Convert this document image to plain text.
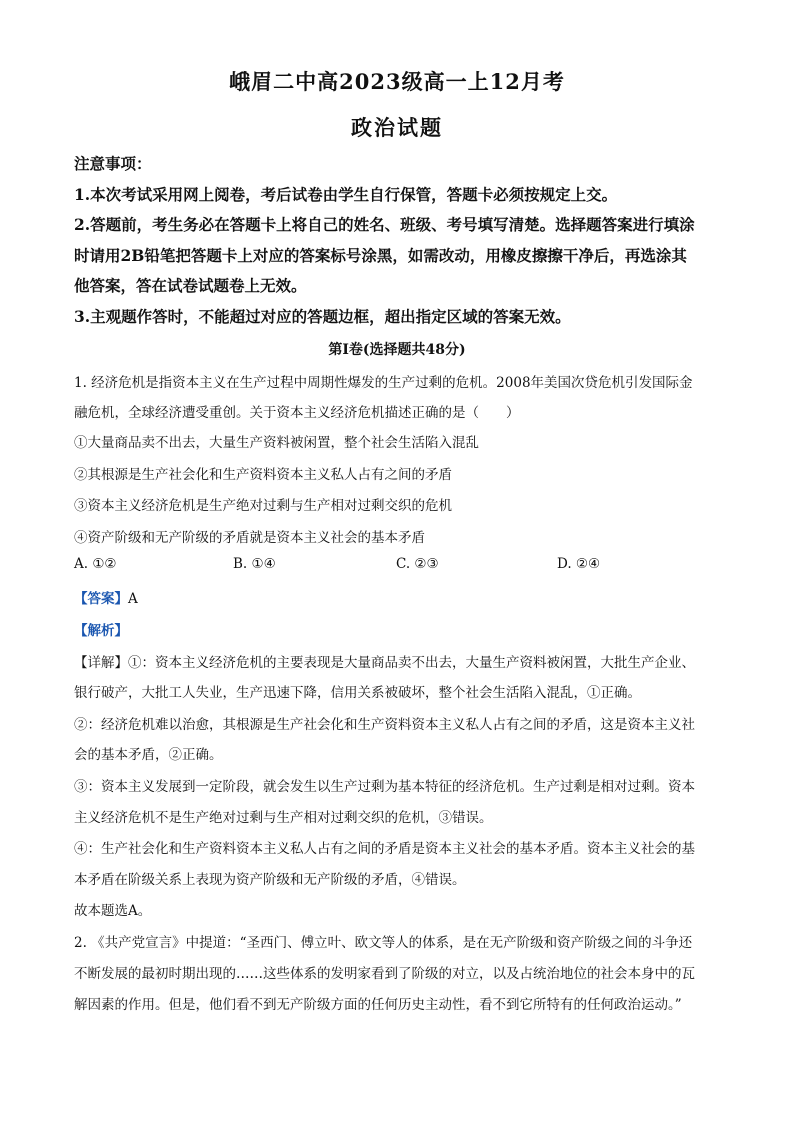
峨眉二中高2023级高一上12月考
政治试题
注意事项：
1.本次考试采用网上阅卷，考后试卷由学生自行保管，答题卡必须按规定上交。
2.答题前，考生务必在答题卡上将自己的姓名、班级、考号填写清楚。选择题答案进行填涂
时请用2B铅笔把答题卡上对应的答案标号涂黑，如需改动，用橡皮擦擦干净后，再选涂其
他答案，答在试卷试题卷上无效。
3.主观题作答时，不能超过对应的答题边框，超出指定区域的答案无效。
第Ⅰ卷(选择题共48分)
1. 经济危机是指资本主义在生产过程中周期性爆发的生产过剩的危机。2008年美国次贷危机引发国际金
融危机，全球经济遭受重创。关于资本主义经济危机描述正确的是（　　）
①大量商品卖不出去，大量生产资料被闲置，整个社会生活陷入混乱
②其根源是生产社会化和生产资料资本主义私人占有之间的矛盾
③资本主义经济危机是生产绝对过剩与生产相对过剩交织的危机
④资产阶级和无产阶级的矛盾就是资本主义社会的基本矛盾
A. ①②	B. ①④	C. ②③	D. ②④
【答案】A
【解析】
【详解】①：资本主义经济危机的主要表现是大量商品卖不出去，大量生产资料被闲置，大批生产企业、
银行破产，大批工人失业，生产迅速下降，信用关系被破坏，整个社会生活陷入混乱，①正确。
②：经济危机难以治愈，其根源是生产社会化和生产资料资本主义私人占有之间的矛盾，这是资本主义社
会的基本矛盾，②正确。
③：资本主义发展到一定阶段，就会发生以生产过剩为基本特征的经济危机。生产过剩是相对过剩。资本
主义经济危机不是生产绝对过剩与生产相对过剩交织的危机，③错误。
④：生产社会化和生产资料资本主义私人占有之间的矛盾是资本主义社会的基本矛盾。资本主义社会的基
本矛盾在阶级关系上表现为资产阶级和无产阶级的矛盾，④错误。
故本题选A。
2. 《共产党宣言》中提道：“圣西门、傅立叶、欧文等人的体系，是在无产阶级和资产阶级之间的斗争还
不断发展的最初时期出现的……这些体系的发明家看到了阶级的对立，以及占统治地位的社会本身中的瓦
解因素的作用。但是，他们看不到无产阶级方面的任何历史主动性，看不到它所特有的任何政治运动。”
